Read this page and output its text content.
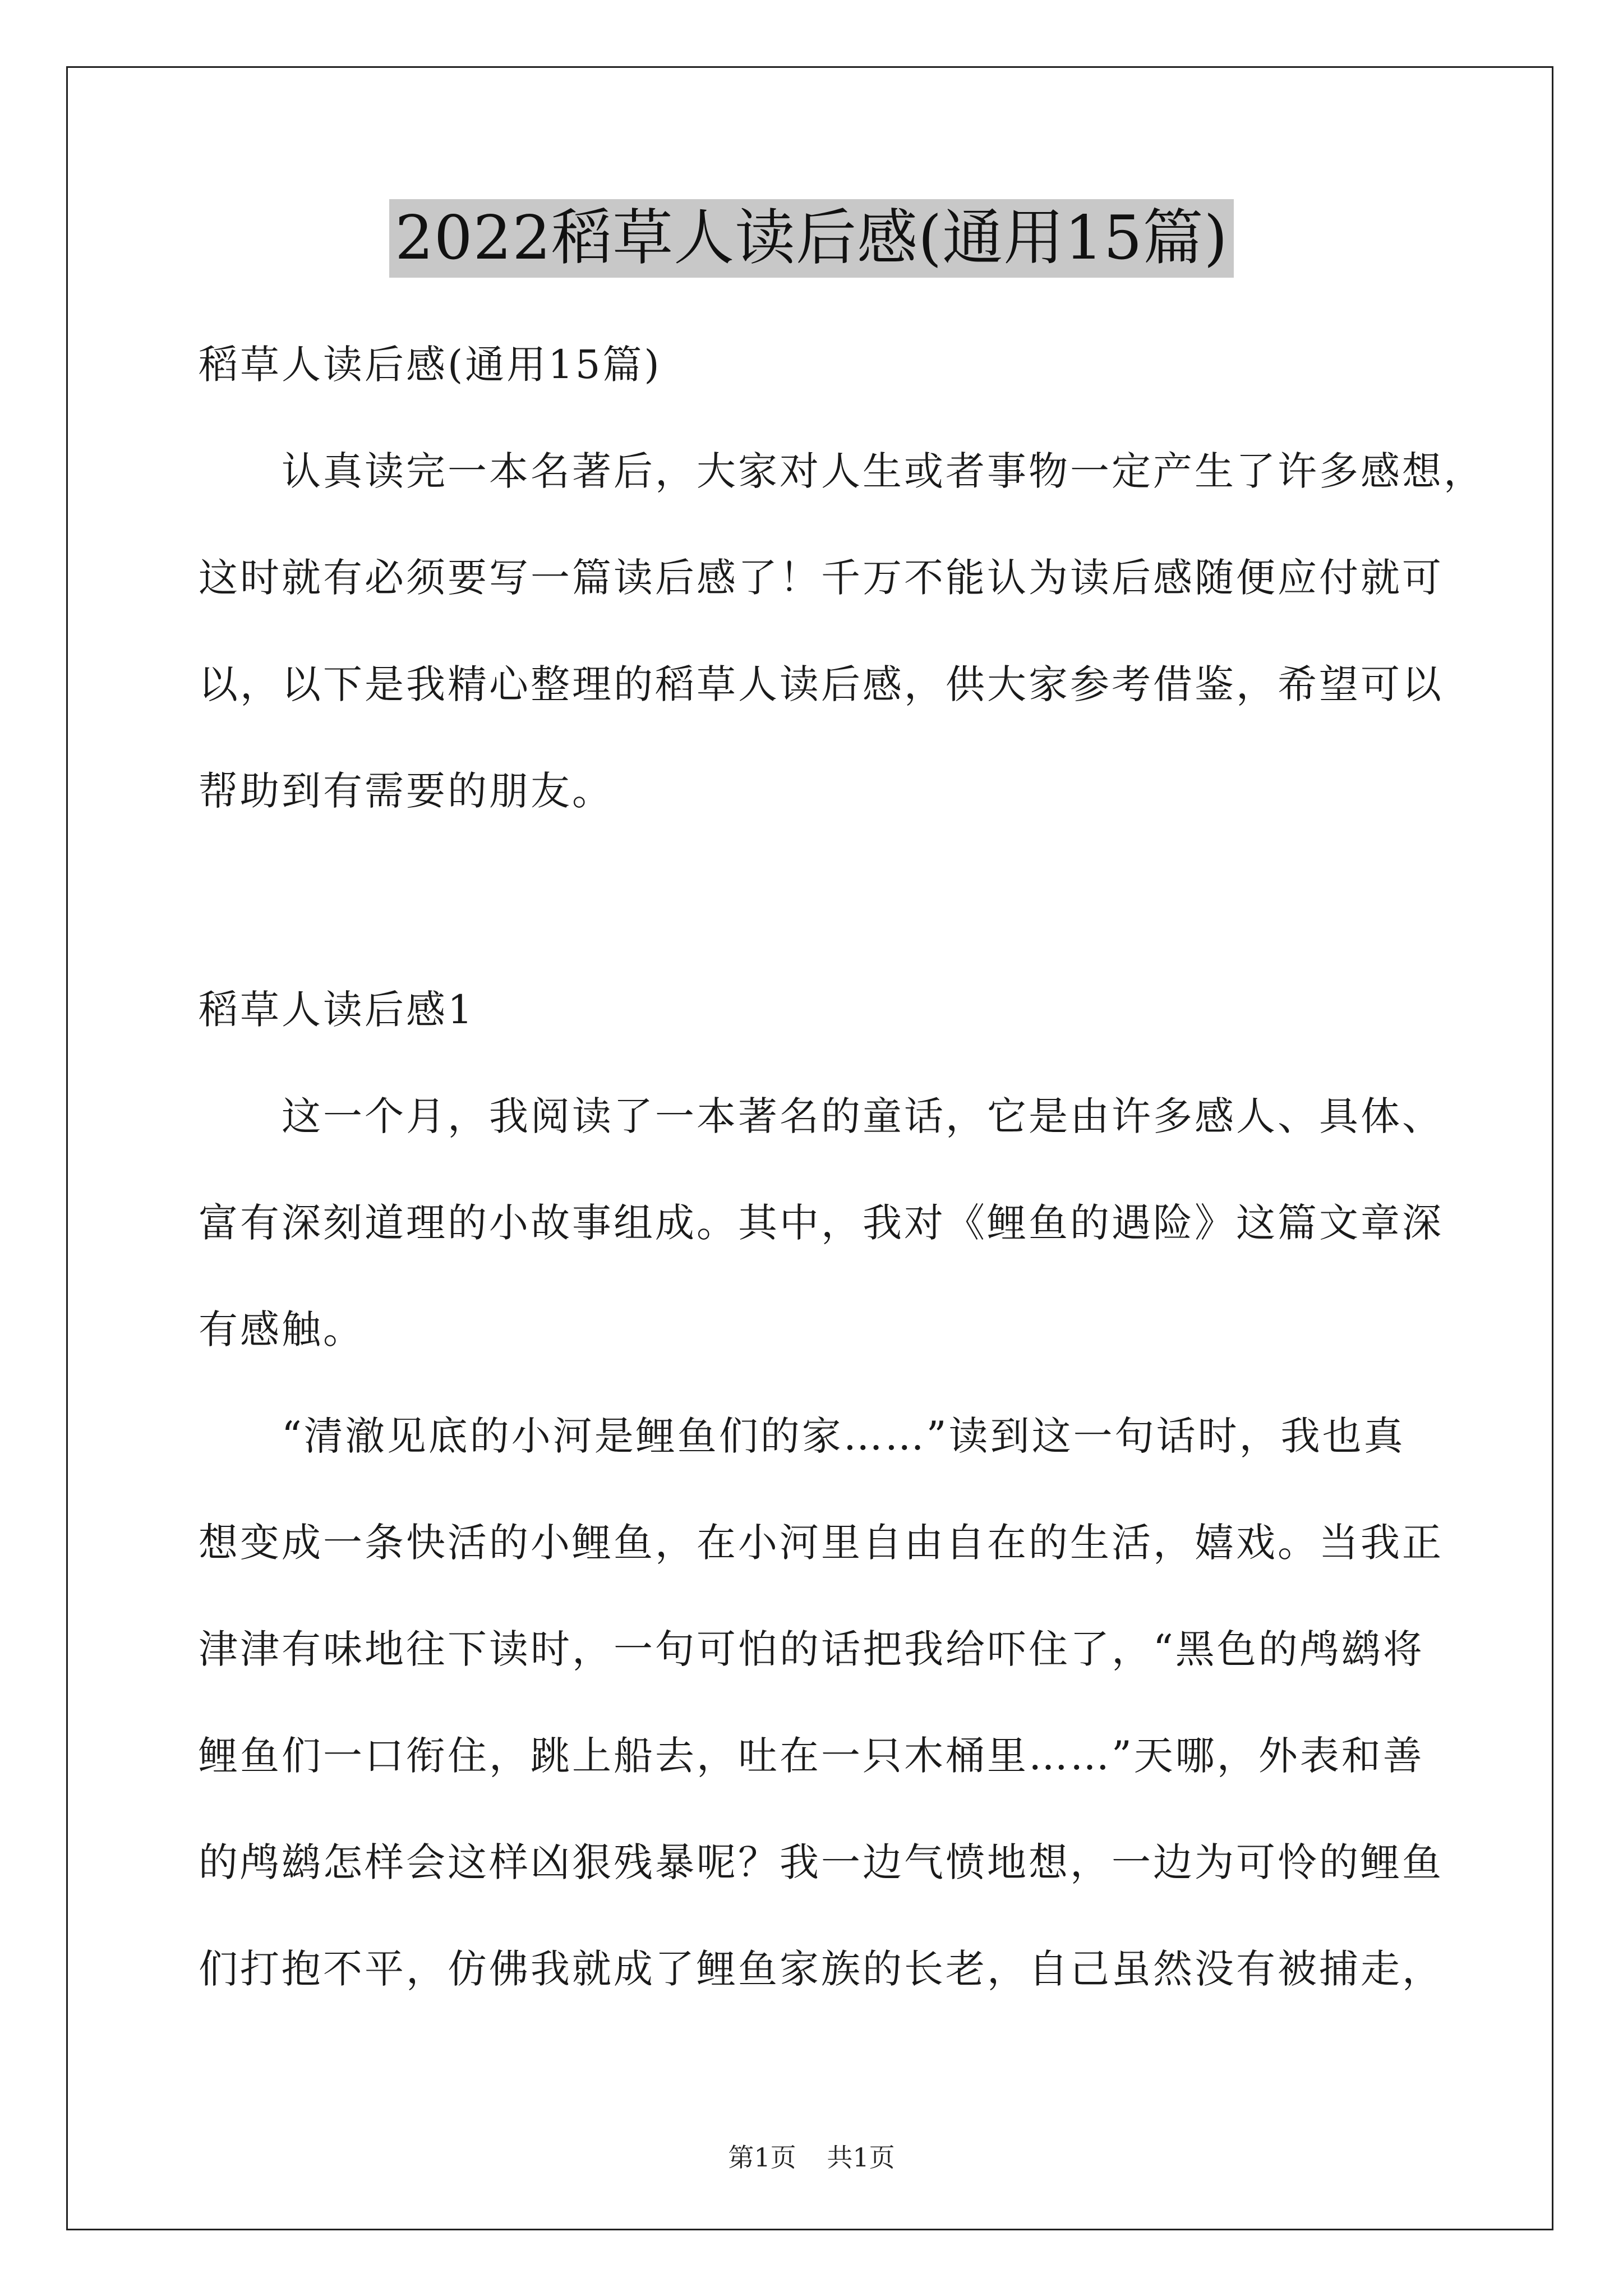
2022稻草人读后感(通用15篇)
稻草人读后感(通用15篇)
认真读完一本名著后，大家对人生或者事物一定产生了许多感想，
这时就有必须要写一篇读后感了！千万不能认为读后感随便应付就可
以，以下是我精心整理的稻草人读后感，供大家参考借鉴，希望可以
帮助到有需要的朋友。
稻草人读后感1
这一个月，我阅读了一本著名的童话，它是由许多感人、具体、
富有深刻道理的小故事组成。其中，我对《鲤鱼的遇险》这篇文章深
有感触。
“清澈见底的小河是鲤鱼们的家……”读到这一句话时，我也真
想变成一条快活的小鲤鱼，在小河里自由自在的生活，嬉戏。当我正
津津有味地往下读时，一句可怕的话把我给吓住了，“黑色的鸬鹚将
鲤鱼们一口衔住，跳上船去，吐在一只木桶里……”天哪，外表和善
的鸬鹚怎样会这样凶狠残暴呢？我一边气愤地想，一边为可怜的鲤鱼
们打抱不平，仿佛我就成了鲤鱼家族的长老，自己虽然没有被捕走，
第1页 共1页
